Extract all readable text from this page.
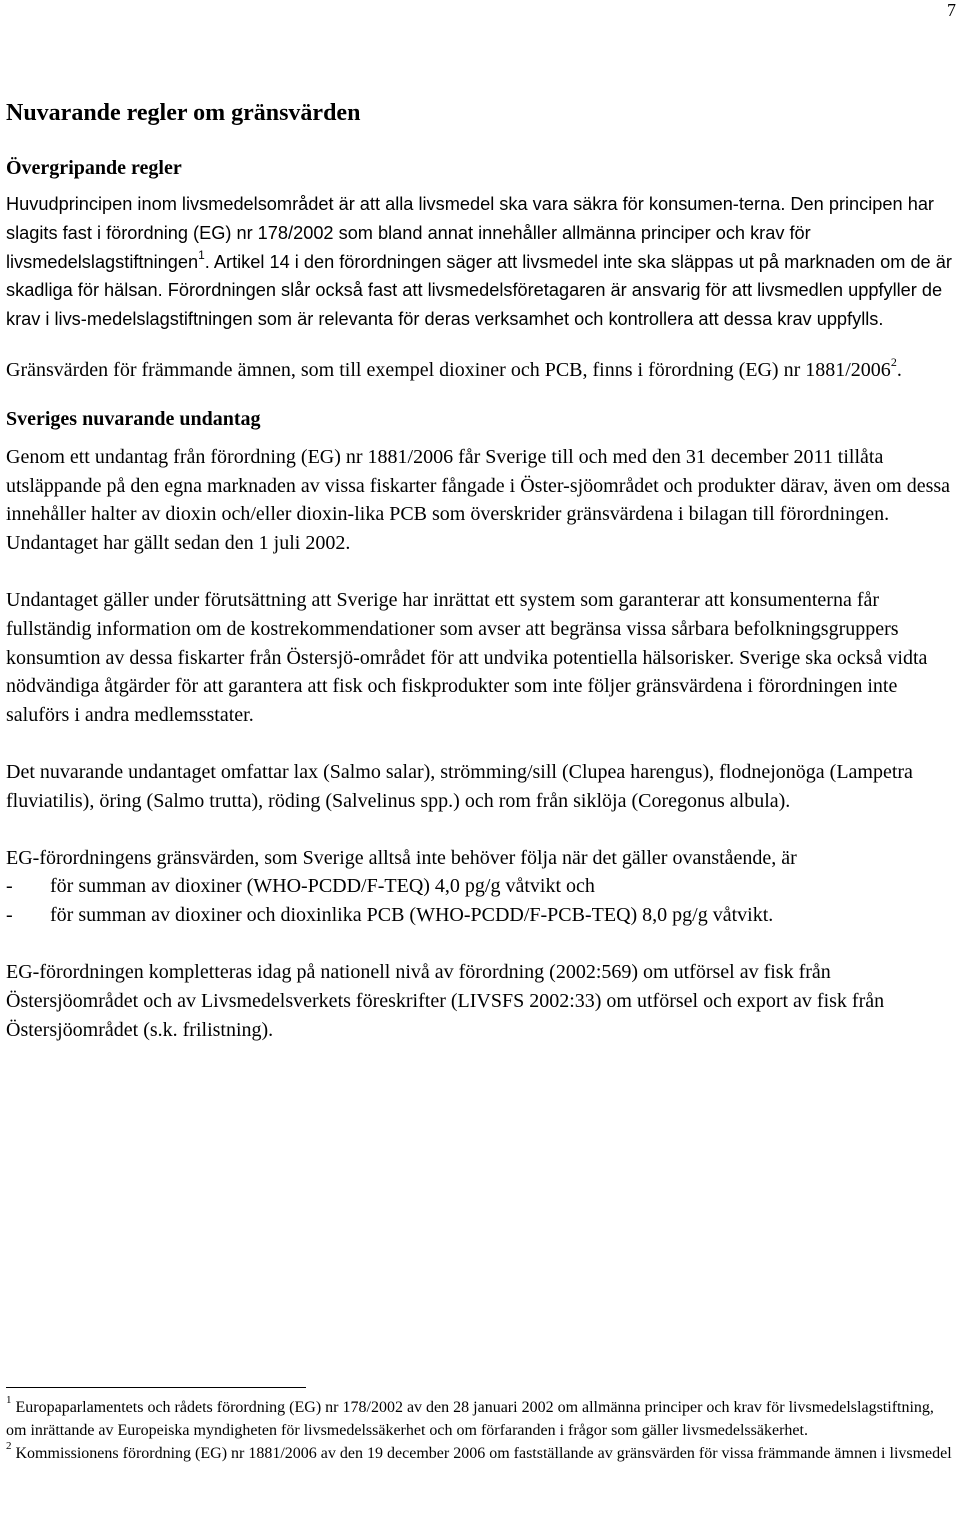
7
Nuvarande regler om gränsvärden
Övergripande regler

Huvudprincipen inom livsmedelsområdet är att alla livsmedel ska vara säkra för konsumen-terna. Den principen har slagits fast i förordning (EG) nr 178/2002 som bland annat innehåller allmänna principer och krav för livsmedelslagstiftningen$^1$. Artikel 14 i den förordningen säger att livsmedel inte ska släppas ut på marknaden om de är skadliga för hälsan. Förordningen slår också fast att livsmedelsföretagaren är ansvarig för att livsmedlen uppfyller de krav i livs-medelslagstiftningen som är relevanta för deras verksamhet och kontrollera att dessa krav uppfylls.

Gränsvärden för främmande ämnen, som till exempel dioxiner och PCB, finns i förordning (EG) nr 1881/2006$^2$.

Sveriges nuvarande undantag

Genom ett undantag från förordning (EG) nr 1881/2006 får Sverige till och med den 31 december 2011 tillåta utsläppande på den egna marknaden av vissa fiskarter fångade i Öster-sjöområdet och produkter därav, även om dessa innehåller halter av dioxin och/eller dioxin-lika PCB som överskrider gränsvärdena i bilagan till förordningen. Undantaget har gällt sedan den 1 juli 2002.

Undantaget gäller under förutsättning att Sverige har inrättat ett system som garanterar att konsumenterna får fullständig information om de kostrekommendationer som avser att begränsa vissa sårbara befolkningsgruppers konsumtion av dessa fiskarter från Östersjö-området för att undvika potentiella hälsorisker. Sverige ska också vidta nödvändiga åtgärder för att garantera att fisk och fiskprodukter som inte följer gränsvärdena i förordningen inte saluförs i andra medlemsstater.

Det nuvarande undantaget omfattar lax (Salmo salar), strömming/sill (Clupea harengus), flodnejonöga (Lampetra fluviatilis), öring (Salmo trutta), röding (Salvelinus spp.) och rom från siklöja (Coregonus albula).

EG-förordningens gränsvärden, som Sverige alltså inte behöver följa när det gäller ovanstående, är

- för summan av dioxiner (WHO-PCDD/F-TEQ) 4,0 pg/g våtvikt och
- för summan av dioxiner och dioxinlika PCB (WHO-PCDD/F-PCB-TEQ) 8,0 pg/g våtvikt.

EG-förordningen kompletteras idag på nationell nivå av förordning (2002:569) om utförsel av fisk från Östersjöområdet och av Livsmedelsverkets föreskrifter (LIVSFS 2002:33) om utförsel och export av fisk från Östersjöområdet (s.k. frilistning).

$^1$ Europaparlamentets och rådets förordning (EG) nr 178/2002 av den 28 januari 2002 om allmänna principer och krav för livsmedelslagstiftning, om inrättande av Europeiska myndigheten för livsmedelssäkerhet och om förfaranden i frågor som gäller livsmedelssäkerhet.

$^2$ Kommissionens förordning (EG) nr 1881/2006 av den 19 december 2006 om fastställande av gränsvärden för vissa främmande ämnen i livsmedel
